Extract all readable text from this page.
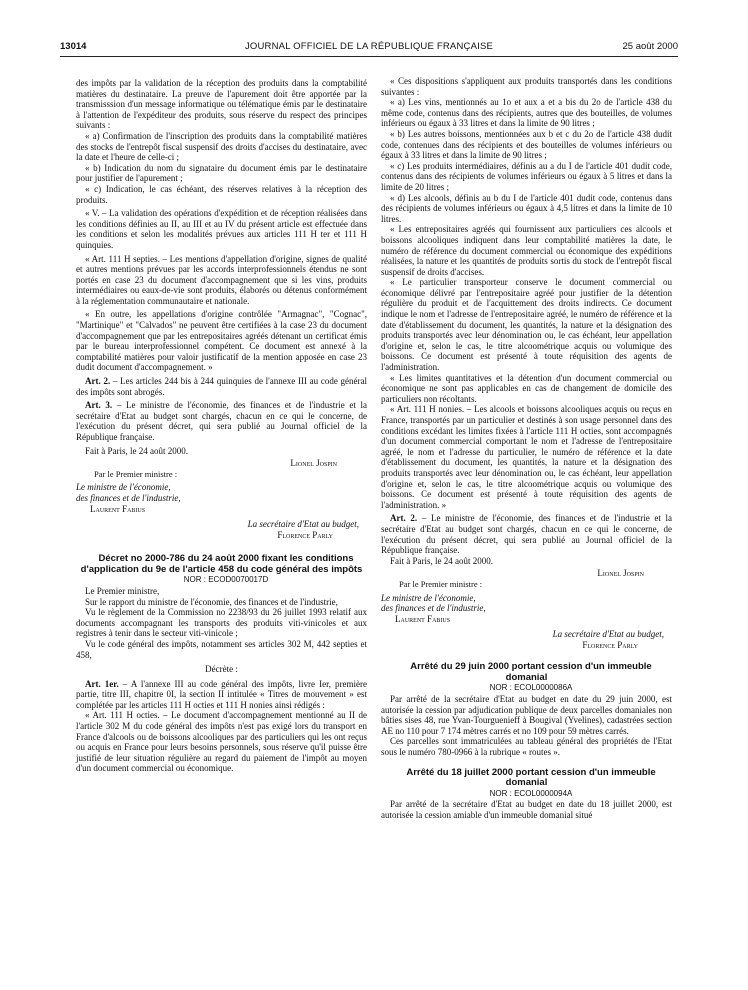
13014	JOURNAL OFFICIEL DE LA RÉPUBLIQUE FRANÇAISE	25 août 2000

des impôts par la validation de la réception des produits dans la comptabilité matières du destinataire. La preuve de l'apurement doit être apportée par la transmisssion d'un message informatique ou télématique émis par le destinataire à l'attention de l'expéditeur des produits, sous réserve du respect des principes suivants :

« a) Confirmation de l'inscription des produits dans la comptabilité matières des stocks de l'entrepôt fiscal suspensif des droits d'accises du destinataire, avec la date et l'heure de celle-ci ;

« b) Indication du nom du signataire du document émis par le destinataire pour justifier de l'apurement ;

« c) Indication, le cas échéant, des réserves relatives à la réception des produits.

« V. – La validation des opérations d'expédition et de réception réalisées dans les conditions définies au II, au III et au IV du présent article est effectuée dans les conditions et selon les modalités prévues aux articles 111 H ter et 111 H quinquies.

« Art. 111 H septies. – Les mentions d'appellation d'origine, signes de qualité et autres mentions prévues par les accords interprofessionnels étendus ne sont portés en case 23 du document d'accompagnement que si les vins, produits intermédiaires ou eaux-de-vie sont produits, élaborés ou détenus conformément à la réglementation communautaire et nationale.

« En outre, les appellations d'origine contrôlée "Armagnac", "Cognac", "Martinique" et "Calvados" ne peuvent être certifiées à la case 23 du document d'accompagnement que par les entrepositaires agréés détenant un certificat émis par le bureau interprofessionnel compétent. Ce document est annexé à la comptabilité matières pour valoir justificatif de la mention apposée en case 23 dudit document d'accompagnement. »

Art. 2. – Les articles 244 bis à 244 quinquies de l'annexe III au code général des impôts sont abrogés.

Art. 3. – Le ministre de l'économie, des finances et de l'industrie et la secrétaire d'Etat au budget sont chargés, chacun en ce qui le concerne, de l'exécution du présent décret, qui sera publié au Journal officiel de la République française.

Fait à Paris, le 24 août 2000.

Lionel Jospin

Par le Premier ministre :

Le ministre de l'économie,

des finances et de l'industrie,

Laurent Fabius

La secrétaire d'Etat au budget,

Florence Parly

Décret no 2000-786 du 24 août 2000 fixant les conditions d'application du 9e de l'article 458 du code général des impôts

NOR : ECOD0070017D

Le Premier ministre,

Sur le rapport du ministre de l'économie, des finances et de l'industrie,

Vu le règlement de la Commission no 2238/93 du 26 juillet 1993 relatif aux documents accompagnant les transports des produits viti-vinicoles et aux registres à tenir dans le secteur viti-vinicole ;

Vu le code général des impôts, notamment ses articles 302 M, 442 septies et 458,

Décrète :

Art. 1er. – A l'annexe III au code général des impôts, livre Ier, première partie, titre III, chapitre 0I, la section II intitulée « Titres de mouvement » est complétée par les articles 111 H octies et 111 H nonies ainsi rédigés :

« Art. 111 H octies. – Le document d'accompagnement mentionné au II de l'article 302 M du code général des impôts n'est pas exigé lors du transport en France d'alcools ou de boissons alcooliques par des particuliers qui les ont reçus ou acquis en France pour leurs besoins personnels, sous réserve qu'il puisse être justifié de leur situation régulière au regard du paiement de l'impôt au moyen d'un document commercial ou économique.

« Ces dispositions s'appliquent aux produits transportés dans les conditions suivantes :

« a) Les vins, mentionnés au 1o et aux a et a bis du 2o de l'article 438 du même code, contenus dans des récipients, autres que des bouteilles, de volumes inférieurs ou égaux à 33 litres et dans la limite de 90 litres ;

« b) Les autres boissons, mentionnées aux b et c du 2o de l'article 438 dudit code, contenues dans des récipients et des bouteilles de volumes inférieurs ou égaux à 33 litres et dans la limite de 90 litres ;

« c) Les produits intermédiaires, définis au a du I de l'article 401 dudit code, contenus dans des récipients de volumes inférieurs ou égaux à 5 litres et dans la limite de 20 litres ;

« d) Les alcools, définis au b du I de l'article 401 dudit code, contenus dans des récipients de volumes inférieurs ou égaux à 4,5 litres et dans la limite de 10 litres.

« Les entrepositaires agréés qui fournissent aux particuliers ces alcools et boissons alcooliques indiquent dans leur comptabilité matières la date, le numéro de référence du document commercial ou économique des expéditions réalisées, la nature et les quantités de produits sortis du stock de l'entrepôt fiscal suspensif de droits d'accises.

« Le particulier transporteur conserve le document commercial ou économique délivré par l'entrepositaire agréé pour justifier de la détention régulière du produit et de l'acquittement des droits indirects. Ce document indique le nom et l'adresse de l'entrepositaire agréé, le numéro de référence et la date d'établissement du document, les quantités, la nature et la désignation des produits transportés avec leur dénomination ou, le cas échéant, leur appellation d'origine et, selon le cas, le titre alcoométrique acquis ou volumique des boissons. Ce document est présenté à toute réquisition des agents de l'administration.

« Les limites quantitatives et la détention d'un document commercial ou économique ne sont pas applicables en cas de changement de domicile des particuliers non récoltants.

« Art. 111 H nonies. – Les alcools et boissons alcooliques acquis ou reçus en France, transportés par un particulier et destinés à son usage personnel dans des conditions excédant les limites fixées à l'article 111 H octies, sont accompagnés d'un document commercial comportant le nom et l'adresse de l'entrepositaire agréé, le nom et l'adresse du particulier, le numéro de référence et la date d'établissement du document, les quantités, la nature et la désignation des produits transportés avec leur dénomination ou, le cas échéant, leur appellation d'origine et, selon le cas, le titre alcoométrique acquis ou volumique des boissons. Ce document est présenté à toute réquisition des agents de l'administration. »

Art. 2. – Le ministre de l'économie, des finances et de l'industrie et la secrétaire d'Etat au budget sont chargés, chacun en ce qui le concerne, de l'exécution du présent décret, qui sera publié au Journal officiel de la République française.

Fait à Paris, le 24 août 2000.

Lionel Jospin

Par le Premier ministre :

Le ministre de l'économie,

des finances et de l'industrie,

Laurent Fabius

La secrétaire d'Etat au budget,

Florence Parly

Arrêté du 29 juin 2000 portant cession d'un immeuble domanial

NOR : ECOL0000086A

Par arrêté de la secrétaire d'Etat au budget en date du 29 juin 2000, est autorisée la cession par adjudication publique de deux parcelles domaniales non bâties sises 48, rue Yvan-Tourguenieff à Bougival (Yvelines), cadastrées section AE no 110 pour 7 174 mètres carrés et no 109 pour 59 mètres carrés.

Ces parcelles sont immatriculées au tableau général des propriétés de l'Etat sous le numéro 780-0966 à la rubrique « routes ».

Arrêté du 18 juillet 2000 portant cession d'un immeuble domanial

NOR : ECOL0000094A

Par arrêté de la secrétaire d'Etat au budget en date du 18 juillet 2000, est autorisée la cession amiable d'un immeuble domanial situé
